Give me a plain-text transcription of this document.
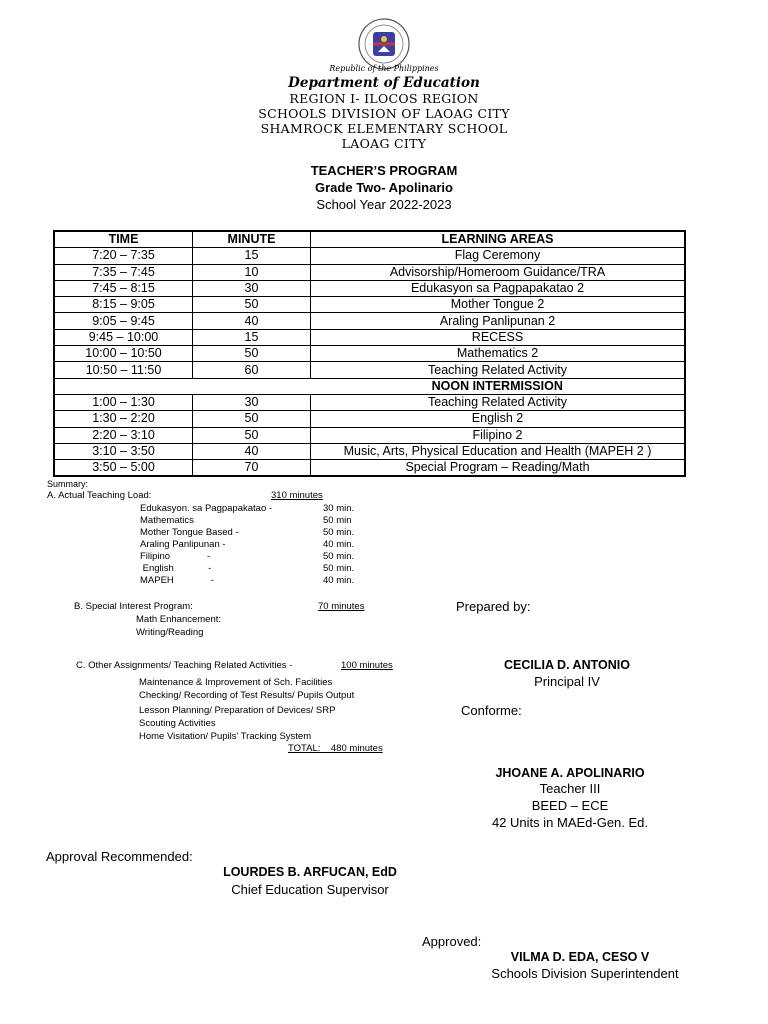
Republic of the Philippines
Department of Education
REGION I- ILOCOS REGION
SCHOOLS DIVISION OF LAOAG CITY
SHAMROCK ELEMENTARY SCHOOL
LAOAG CITY
TEACHER’S PROGRAM
Grade Two- Apolinario
School Year 2022-2023
TIME	MINUTE	LEARNING AREAS
7:20 – 7:35	15	Flag Ceremony
7:35 – 7:45	10	Advisorship/Homeroom Guidance/TRA
7:45 – 8:15	30	Edukasyon sa Pagpapakatao 2
8:15 – 9:05	50	Mother Tongue 2
9:05 – 9:45	40	Araling Panlipunan 2
9:45 – 10:00	15	RECESS
10:00 – 10:50	50	Mathematics 2
10:50 – 11:50	60	Teaching Related Activity
		NOON INTERMISSION
1:00 – 1:30	30	Teaching Related Activity
1:30 – 2:20	50	English 2
2:20 – 3:10	50	Filipino 2
3:10 – 3:50	40	Music, Arts, Physical Education and Health (MAPEH 2 )
3:50 – 5:00	70	Special Program – Reading/Math
Summary:
A. Actual Teaching Load:	310 minutes
Edukasyon. sa Pagpapakatao -	30 min.
Mathematics	50 min
Mother Tongue Based -	50 min.
Araling Panlipunan -	40 min.
Filipino              -	50 min.
English             -	50 min.
MAPEH              -	40 min.
B. Special Interest Program:	70 minutes
Math Enhancement:
Writing/Reading
C. Other Assignments/ Teaching Related Activities -	100 minutes
Maintenance & Improvement of Sch. Facilities
Checking/ Recording of Test Results/ Pupils Output
Lesson Planning/ Preparation of Devices/ SRP
Scouting Activities
Home Visitation/ Pupils’ Tracking System
TOTAL:    480 minutes
Prepared by:
CECILIA D. ANTONIO
Principal IV
Conforme:
JHOANE A. APOLINARIO
Teacher III
BEED – ECE
42 Units in MAEd-Gen. Ed.
Approval Recommended:
LOURDES B. ARFUCAN, EdD
Chief Education Supervisor
Approved:
VILMA D. EDA, CESO V
Schools Division Superintendent
